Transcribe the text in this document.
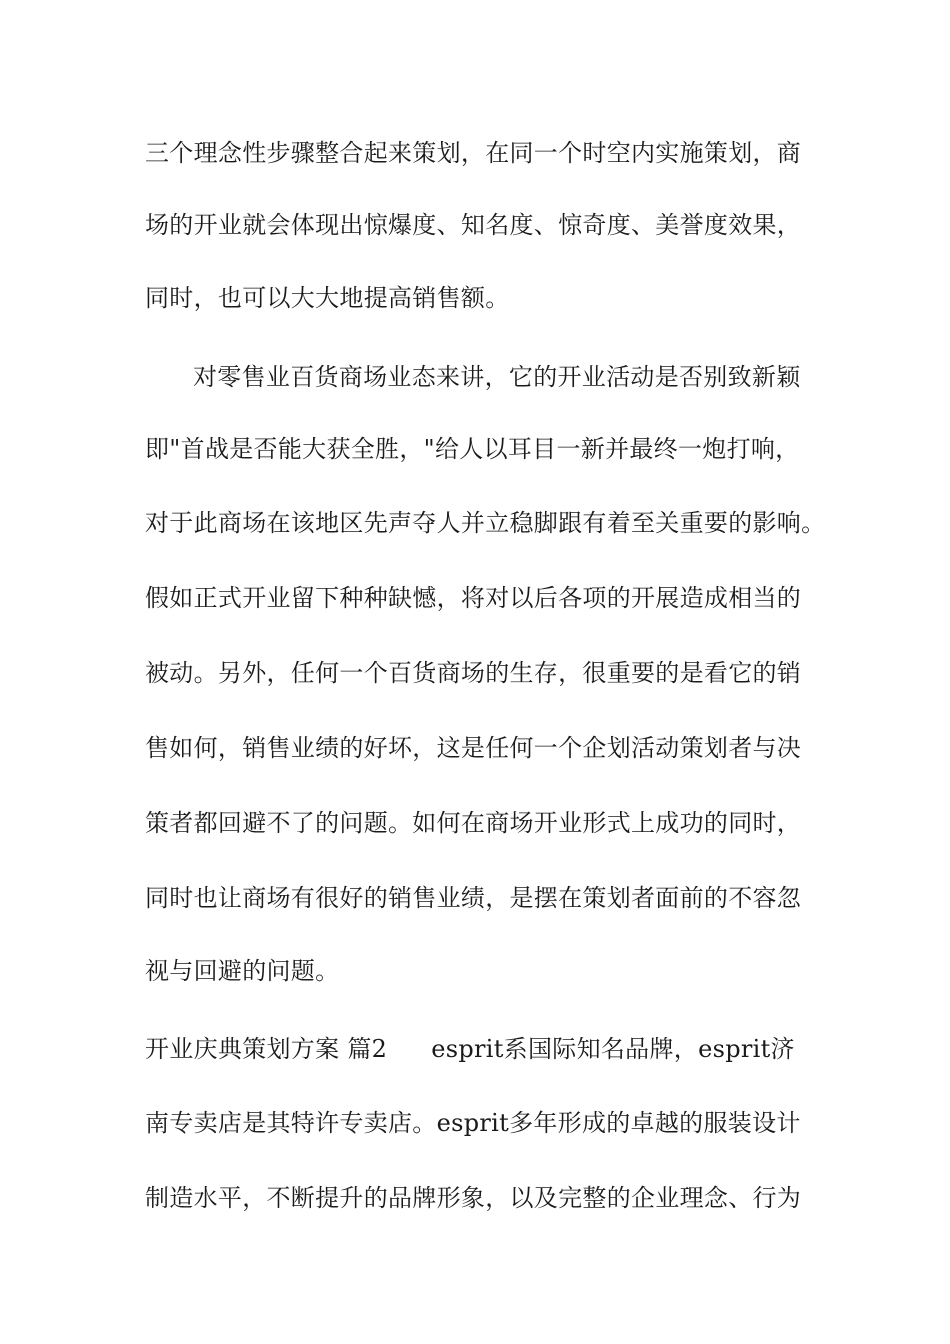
三个理念性步骤整合起来策划，在同一个时空内实施策划，商
场的开业就会体现出惊爆度、知名度、惊奇度、美誉度效果，
同时，也可以大大地提高销售额。
对零售业百货商场业态来讲，它的开业活动是否别致新颖
即"首战是否能大获全胜，"给人以耳目一新并最终一炮打响，
对于此商场在该地区先声夺人并立稳脚跟有着至关重要的影响。
假如正式开业留下种种缺憾，将对以后各项的开展造成相当的
被动。另外，任何一个百货商场的生存，很重要的是看它的销
售如何，销售业绩的好坏，这是任何一个企划活动策划者与决
策者都回避不了的问题。如何在商场开业形式上成功的同时，
同时也让商场有很好的销售业绩，是摆在策划者面前的不容忽
视与回避的问题。
开业庆典策划方案 篇2 esprit系国际知名品牌，esprit济
南专卖店是其特许专卖店。esprit多年形成的卓越的服装设计
制造水平，不断提升的品牌形象，以及完整的企业理念、行为
